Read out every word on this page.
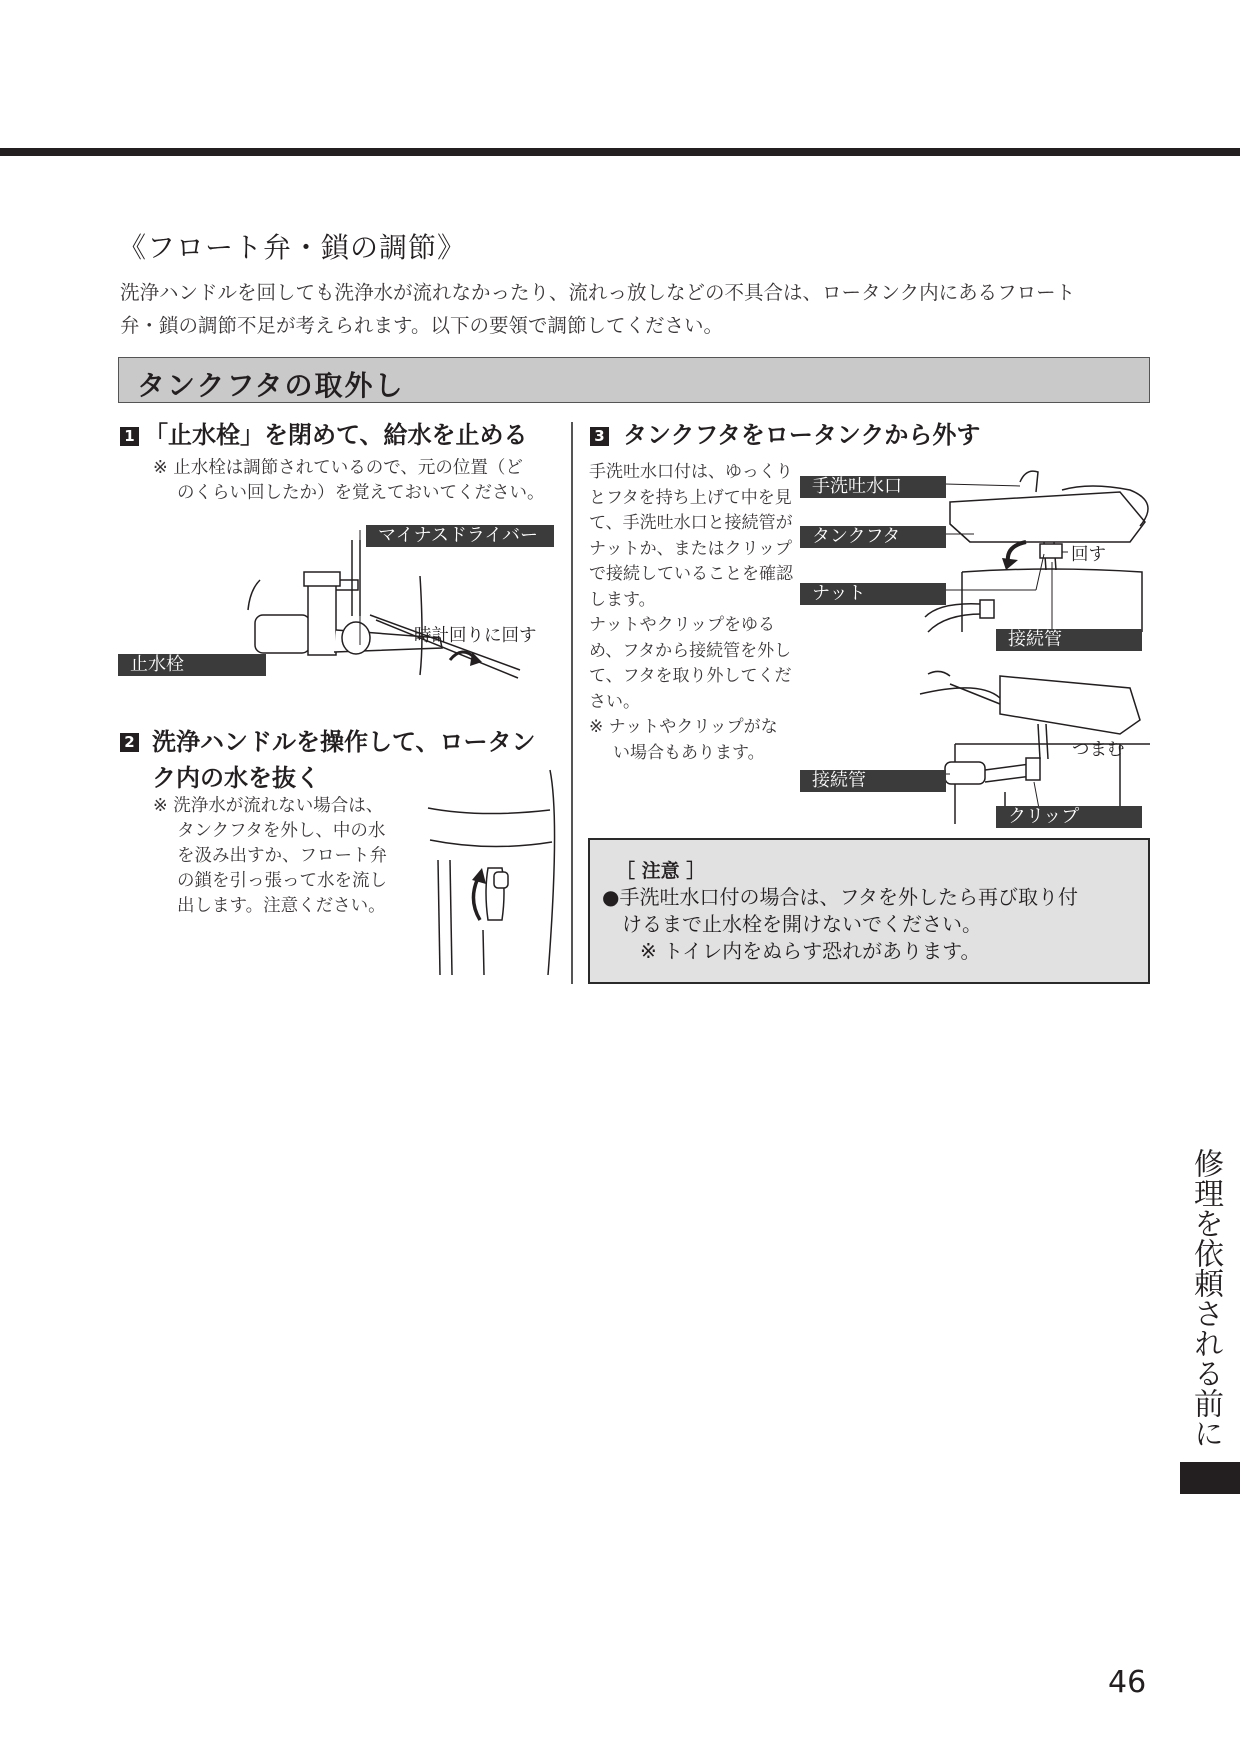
《フロート弁・鎖の調節》
洗浄ハンドルを回しても洗浄水が流れなかったり、流れっ放しなどの不具合は、ロータンク内にあるフロート
弁・鎖の調節不足が考えられます。以下の要領で調節してください。
タンクフタの取外し
1 「止水栓」を閉めて、給水を止める
※ 止水栓は調節されているので、元の位置（ど
のくらい回したか）を覚えておいてください。
マイナスドライバー
時計回りに回す
止水栓
2 洗浄ハンドルを操作して、ロータン
ク内の水を抜く
※ 洗浄水が流れない場合は、
タンクフタを外し、中の水
を汲み出すか、フロート弁
の鎖を引っ張って水を流し
出します。注意ください。
3 タンクフタをロータンクから外す
手洗吐水口付は、ゆっくり
とフタを持ち上げて中を見
て、手洗吐水口と接続管が
ナットか、またはクリップ
で接続していることを確認
します。
ナットやクリップをゆる
め、フタから接続管を外し
て、フタを取り外してくだ
さい。
※ ナットやクリップがな
い場合もあります。
手洗吐水口
タンクフタ
ナット
回す
接続管
つまむ
接続管
クリップ
［ 注意 ］
●手洗吐水口付の場合は、フタを外したら再び取り付
けるまで止水栓を開けないでください。
※ トイレ内をぬらす恐れがあります。
修理を依頼される前に
46
